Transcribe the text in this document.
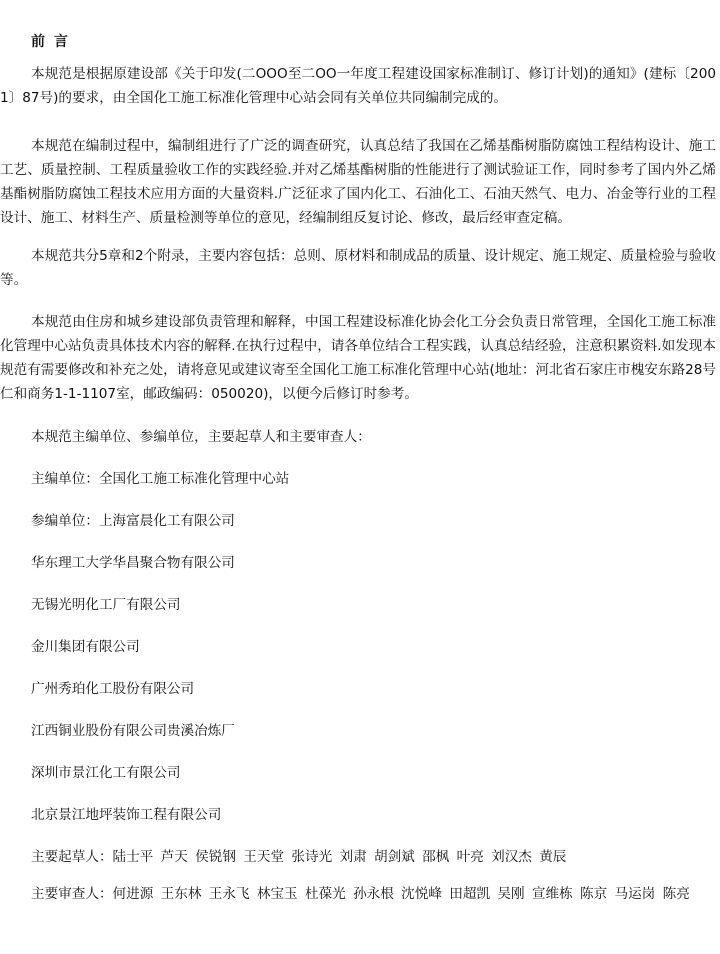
前 言

本规范是根据原建设部《关于印发(二OOO至二OO一年度工程建设国家标准制订、修订计划)的通知》(建标〔2001〕87号)的要求，由全国化工施工标准化管理中心站会同有关单位共同编制完成的。

本规范在编制过程中，编制组进行了广泛的调查研究，认真总结了我国在乙烯基酯树脂防腐蚀工程结构设计、施工工艺、质量控制、工程质量验收工作的实践经验.并对乙烯基酯树脂的性能进行了测试验证工作，同时参考了国内外乙烯基酯树脂防腐蚀工程技术应用方面的大量资料.广泛征求了国内化工、石油化工、石油天然气、电力、冶金等行业的工程设计、施工、材料生产、质量检测等单位的意见，经编制组反复讨论、修改，最后经审查定稿。

本规范共分5章和2个附录，主要内容包括：总则、原材料和制成品的质量、设计规定、施工规定、质量检验与验收等。

本规范由住房和城乡建设部负责管理和解释，中国工程建设标准化协会化工分会负责日常管理，全国化工施工标准化管理中心站负责具体技术内容的解释.在执行过程中，请各单位结合工程实践，认真总结经验，注意积累资料.如发现本规范有需要修改和补充之处，请将意见或建议寄至全国化工施工标准化管理中心站(地址：河北省石家庄市槐安东路28号仁和商务1-1-1107室，邮政编码：050020)，以便今后修订时参考。

本规范主编单位、参编单位，主要起草人和主要审查人：
主编单位：全国化工施工标准化管理中心站
参编单位：上海富晨化工有限公司
华东理工大学华昌聚合物有限公司
无锡光明化工厂有限公司
金川集团有限公司
广州秀珀化工股份有限公司
江西铜业股份有限公司贵溪冶炼厂
深圳市景江化工有限公司
北京景江地坪装饰工程有限公司
主要起草人：陆士平 芦天 侯锐钢 王天堂 张诗光 刘肃 胡剑斌 邵枫 叶亮 刘汉杰 黄辰

主要审查人：何进源 王东林 王永飞 林宝玉 杜葆光 孙永根 沈悦峰 田超凯 吴刚 宣维栋 陈京 马运岗 陈亮
